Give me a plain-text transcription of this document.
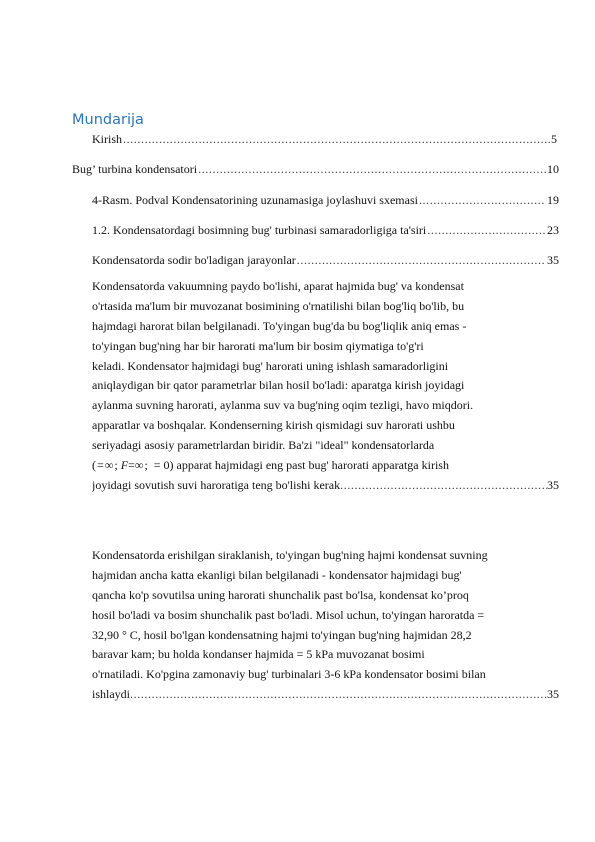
Mundarija
Kirish .....	5
Bug’ turbina kondensatori .....	10
4-Rasm. Podval Kondensatorining uzunamasiga joylashuvi sxemasi .....	19
1.2. Kondensatordagi bosimning bug' turbinasi samaradorligiga ta'siri .....	23
Kondensatorda sodir bo'ladigan jarayonlar .....	35
Kondensatorda vakuumning paydo bo'lishi, aparat hajmida bug' va kondensat
o'rtasida ma'lum bir muvozanat bosimining o'rnatilishi bilan bog'liq bo'lib, bu
hajmdagi harorat bilan belgilanadi. To'yingan bug'da bu bog'liqlik aniq emas -
to'yingan bug'ning har bir harorati ma'lum bir bosim qiymatiga to'g'ri
keladi. Kondensator hajmidagi bug' harorati uning ishlash samaradorligini
aniqlaydigan bir qator parametrlar bilan hosil bo'ladi: aparatga kirish joyidagi
aylanma suvning harorati, aylanma suv va bug'ning oqim tezligi, havo miqdori.
apparatlar va boshqalar. Kondenserning kirish qismidagi suv harorati ushbu
seriyadagi asosiy parametrlardan biridir. Ba'zi "ideal" kondensatorlarda
( = ∞ ; F=∞ ;  = 0) apparat hajmidagi eng past bug' harorati apparatga kirish
joyidagi sovutish suvi haroratiga teng bo'lishi kerak .....	35
Kondensatorda erishilgan siraklanish, to'yingan bug'ning hajmi kondensat suvning
hajmidan ancha katta ekanligi bilan belgilanadi - kondensator hajmidagi bug'
qancha ko'p sovutilsa uning harorati shunchalik past bo'lsa, kondensat ko’proq
hosil bo'ladi va bosim shunchalik past bo'ladi. Misol uchun, to'yingan haroratda =
32,90 ° C, hosil bo'lgan kondensatning hajmi to'yingan bug'ning hajmidan 28,2
baravar kam; bu holda kondanser hajmida = 5 kPa muvozanat bosimi
o'rnatiladi. Ko'pgina zamonaviy bug' turbinalari 3-6 kPa kondensator bosimi bilan
ishlaydi .....	35
